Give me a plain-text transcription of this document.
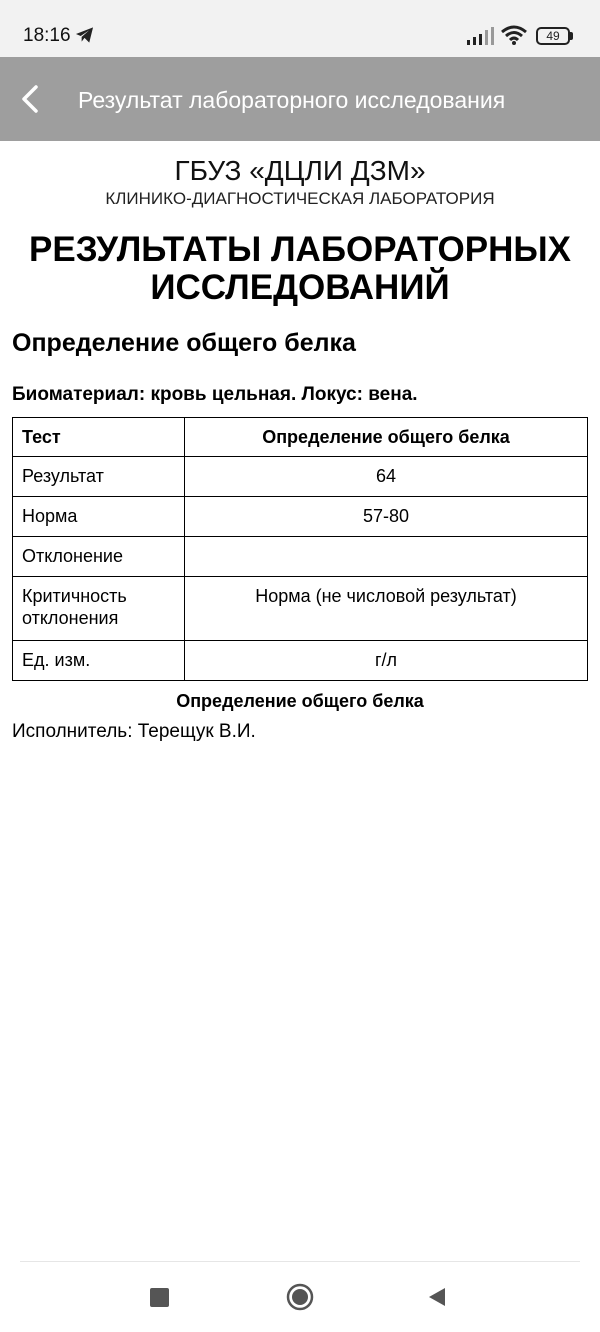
18:16	49
Результат лабораторного исследования
ГБУЗ «ДЦЛИ ДЗМ»
КЛИНИКО-ДИАГНОСТИЧЕСКАЯ ЛАБОРАТОРИЯ
РЕЗУЛЬТАТЫ ЛАБОРАТОРНЫХ
ИССЛЕДОВАНИЙ
Определение общего белка
Биоматериал: кровь цельная. Локус: вена.
Тест	Определение общего белка
Результат	64
Норма	57-80
Отклонение	
Критичность отклонения	Норма (не числовой результат)
Ед. изм.	г/л
Определение общего белка
Исполнитель: Терещук В.И.
